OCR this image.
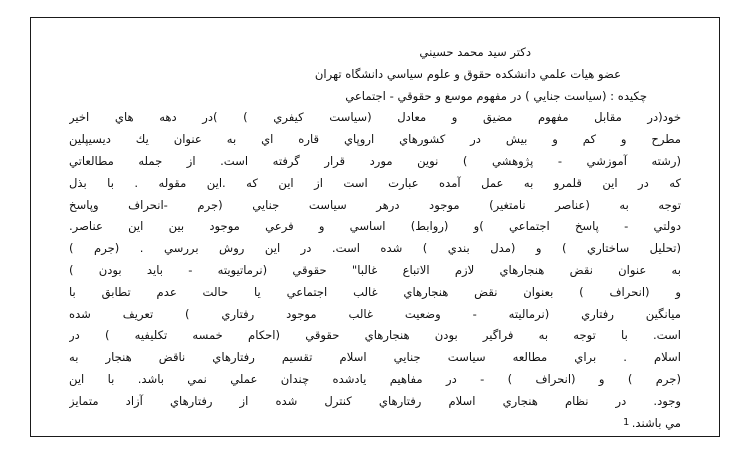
دكتر سيد محمد حسيني
عضو هيات علمي دانشكده حقوق و علوم سياسي دانشگاه تهران
چكيده : (سياست جنايي ) در مفهوم موسع و حقوقي - اجتماعي
خود(در مقابل مفهوم مضيق و معادل (سياست كيفري ) )در دهه هاي اخير
مطرح و كم و بيش در كشورهاي اروپاي قاره اي به عنوان يك ديسيپلين
(رشته آموزشي - پژوهشي ) نوين مورد قرار گرفته است. از جمله مطالعاتي
كه در اين قلمرو به عمل آمده عبارت است از اين كه .اين مقوله . با بذل
توجه به (عناصر نامتغير) موجود درهر سياست جنايي (جرم -انحراف وپاسخ
دولتي - پاسخ اجتماعي )و (روابط) اساسي و فرعي موجود بين اين عناصر.
(تحليل ساختاري ) و (مدل بندي ) شده است. در اين روش بررسي . (جرم )
به عنوان نقض هنجارهاي لازم الاتباع غالبا" حقوقي (نرماتيويته - بايد بودن )
و (انحراف ) بعنوان نقض هنجارهاي غالب اجتماعي يا حالت عدم تطابق با
ميانگين رفتاري (نرماليته - وضعيت غالب موجود رفتاري ) تعريف شده
است. با توجه به فراگير بودن هنجارهاي حقوقي (احكام خمسه تكليفيه ) در
اسلام . براي مطالعه سياست جنايي اسلام تقسيم رفتارهاي ناقض هنجار به
(جرم ) و (انحراف ) - در مفاهيم يادشده چندان عملي نمي باشد. با اين
وجود. در نظام هنجاري اسلام رفتارهاي كنترل شده از رفتارهاي آزاد متمايز
مي باشند.
1
